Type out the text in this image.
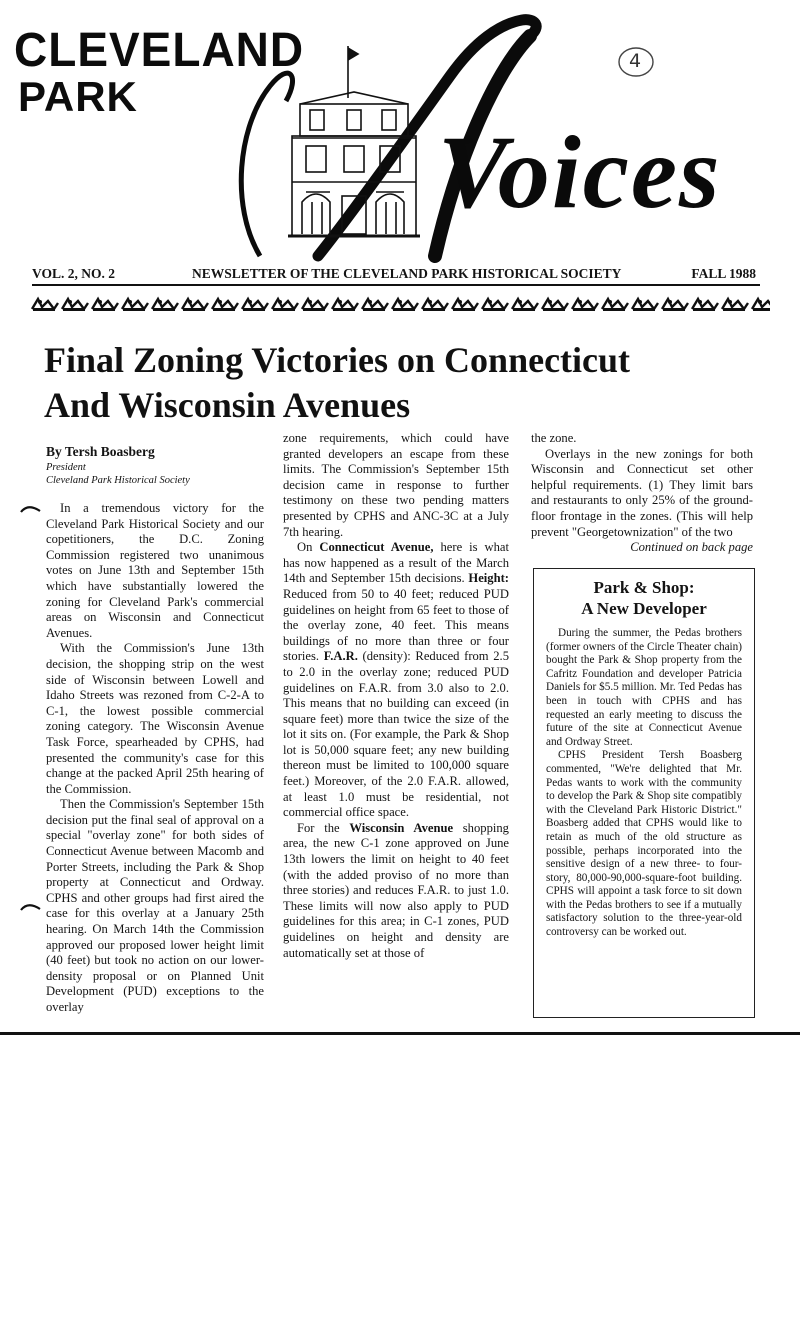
CLEVELAND
PARK
Voices
4
VOL. 2, NO. 2	NEWSLETTER OF THE CLEVELAND PARK HISTORICAL SOCIETY	FALL 1988
Final Zoning Victories on Connecticut
And Wisconsin Avenues

By Tersh Boasberg

President

Cleveland Park Historical Society

In a tremendous victory for the Cleveland Park Historical Society and our copetitioners, the D.C. Zoning Commission registered two unanimous votes on June 13th and September 15th which have substantially lowered the zoning for Cleveland Park's commercial areas on Wisconsin and Connecticut Avenues.

With the Commission's June 13th decision, the shopping strip on the west side of Wisconsin between Lowell and Idaho Streets was rezoned from C-2-A to C-1, the lowest possible commercial zoning category. The Wisconsin Avenue Task Force, spearheaded by CPHS, had presented the community's case for this change at the packed April 25th hearing of the Commission.

Then the Commission's September 15th decision put the final seal of approval on a special "overlay zone" for both sides of Connecticut Avenue between Macomb and Porter Streets, including the Park & Shop property at Connecticut and Ordway. CPHS and other groups had first aired the case for this overlay at a January 25th hearing. On March 14th the Commission approved our proposed lower height limit (40 feet) but took no action on our lower-density proposal or on Planned Unit Development (PUD) exceptions to the overlay

zone requirements, which could have granted developers an escape from these limits. The Commission's September 15th decision came in response to further testimony on these two pending matters presented by CPHS and ANC-3C at a July 7th hearing.

On Connecticut Avenue, here is what has now happened as a result of the March 14th and September 15th decisions. Height: Reduced from 50 to 40 feet; reduced PUD guidelines on height from 65 feet to those of the overlay zone, 40 feet. This means buildings of no more than three or four stories. F.A.R. (density): Reduced from 2.5 to 2.0 in the overlay zone; reduced PUD guidelines on F.A.R. from 3.0 also to 2.0. This means that no building can exceed (in square feet) more than twice the size of the lot it sits on. (For example, the Park & Shop lot is 50,000 square feet; any new building thereon must be limited to 100,000 square feet.) Moreover, of the 2.0 F.A.R. allowed, at least 1.0 must be residential, not commercial office space.

For the Wisconsin Avenue shopping area, the new C-1 zone approved on June 13th lowers the limit on height to 40 feet (with the added proviso of no more than three stories) and reduces F.A.R. to just 1.0. These limits will now also apply to PUD guidelines for this area; in C-1 zones, PUD guidelines on height and density are automatically set at those of

the zone.

Overlays in the new zonings for both Wisconsin and Connecticut set other helpful requirements. (1) They limit bars and restaurants to only 25% of the ground-floor frontage in the zones. (This will help prevent "Georgetownization" of the two

Continued on back page

Park & Shop:
A New Developer

During the summer, the Pedas brothers (former owners of the Circle Theater chain) bought the Park & Shop property from the Cafritz Foundation and developer Patricia Daniels for $5.5 million. Mr. Ted Pedas has been in touch with CPHS and has requested an early meeting to discuss the future of the site at Connecticut Avenue and Ordway Street.

CPHS President Tersh Boasberg commented, "We're delighted that Mr. Pedas wants to work with the community to develop the Park & Shop site compatibly with the Cleveland Park Historic District." Boasberg added that CPHS would like to retain as much of the old structure as possible, perhaps incorporated into the sensitive design of a new three- to four-story, 80,000-90,000-square-foot building. CPHS will appoint a task force to sit down with the Pedas brothers to see if a mutually satisfactory solution to the three-year-old controversy can be worked out.
